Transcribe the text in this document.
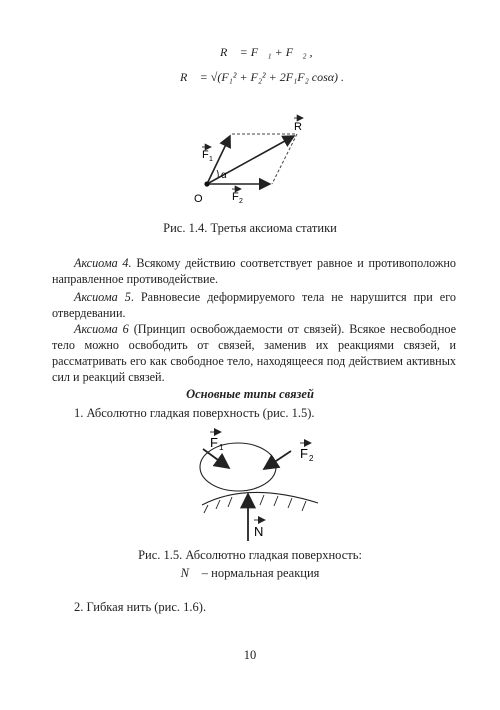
R⃗ = F⃗₁ + F⃗₂ ,
R⃗ = √(F₁² + F₂² + 2F₁F₂ cosα) .
R
F 1
F 2
O
α
Рис. 1.4. Третья аксиома статики
Аксиома 4. Всякому действию соответствует равное и противоположно направленное противодействие.
Аксиома 5. Равновесие деформируемого тела не нарушится при его отвердевании.
Аксиома 6 (Принцип освобождаемости от связей). Всякое несвободное тело можно освободить от связей, заменив их реакциями связей, и рассматривать его как свободное тело, находящееся под действием активных сил и реакций связей.
Основные типы связей
1. Абсолютно гладкая поверхность (рис. 1.5).
F 1	F 2
N
Рис. 1.5. Абсолютно гладкая поверхность:
N⃗ – нормальная реакция
2. Гибкая нить (рис. 1.6).
10
